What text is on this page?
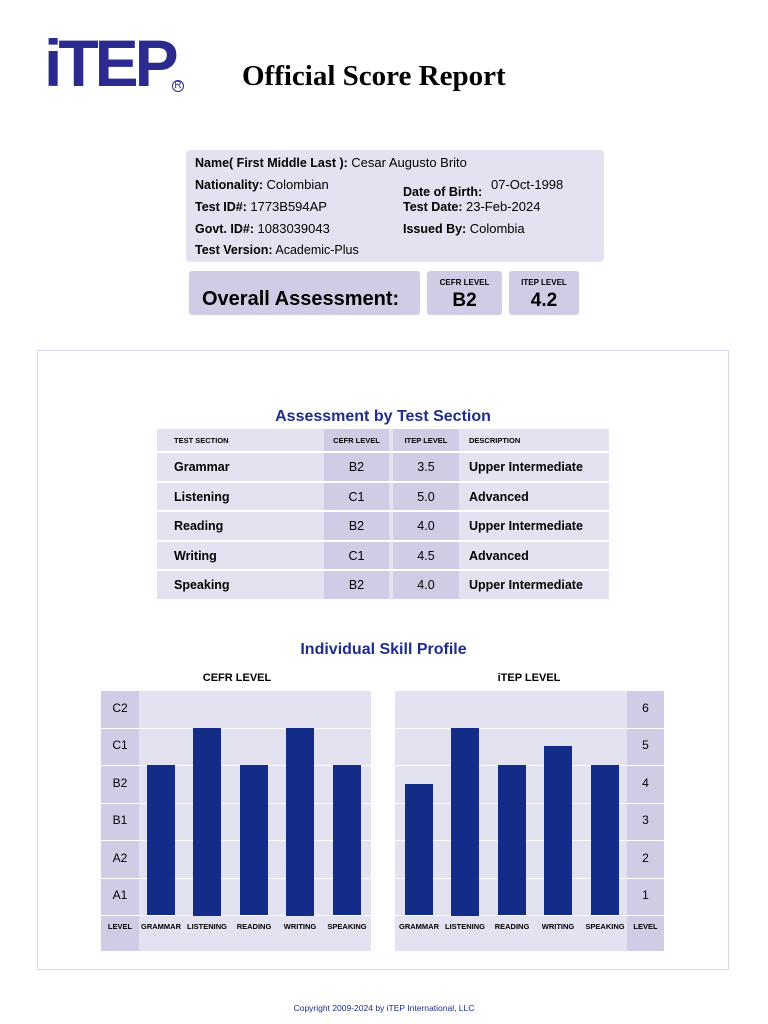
iTEP R Official Score Report
Name( First Middle Last ): Cesar Augusto Brito
Nationality: Colombian	Date of Birth: 07-Oct-1998
Test ID#: 1773B594AP	Test Date: 23-Feb-2024
Govt. ID#: 1083039043	Issued By: Colombia
Test Version: Academic-Plus
Overall Assessment:
CEFR LEVEL
B2
ITEP LEVEL
4.2
Assessment by Test Section
TEST SECTION	CEFR LEVEL	ITEP LEVEL	DESCRIPTION
Grammar	B2	3.5	Upper Intermediate
Listening	C1	5.0	Advanced
Reading	B2	4.0	Upper Intermediate
Writing	C1	4.5	Advanced
Speaking	B2	4.0	Upper Intermediate
Individual Skill Profile
CEFR LEVEL	iTEP LEVEL
A1
A2
B1
B2
C1
C2
GRAMMAR LISTENING	READING	WRITING	SPEAKING
LEVEL
1
2
3
4
5
6
GRAMMAR LISTENING	READING	WRITING	SPEAKING	LEVEL
Copyright 2009-2024 by iTEP International, LLC
